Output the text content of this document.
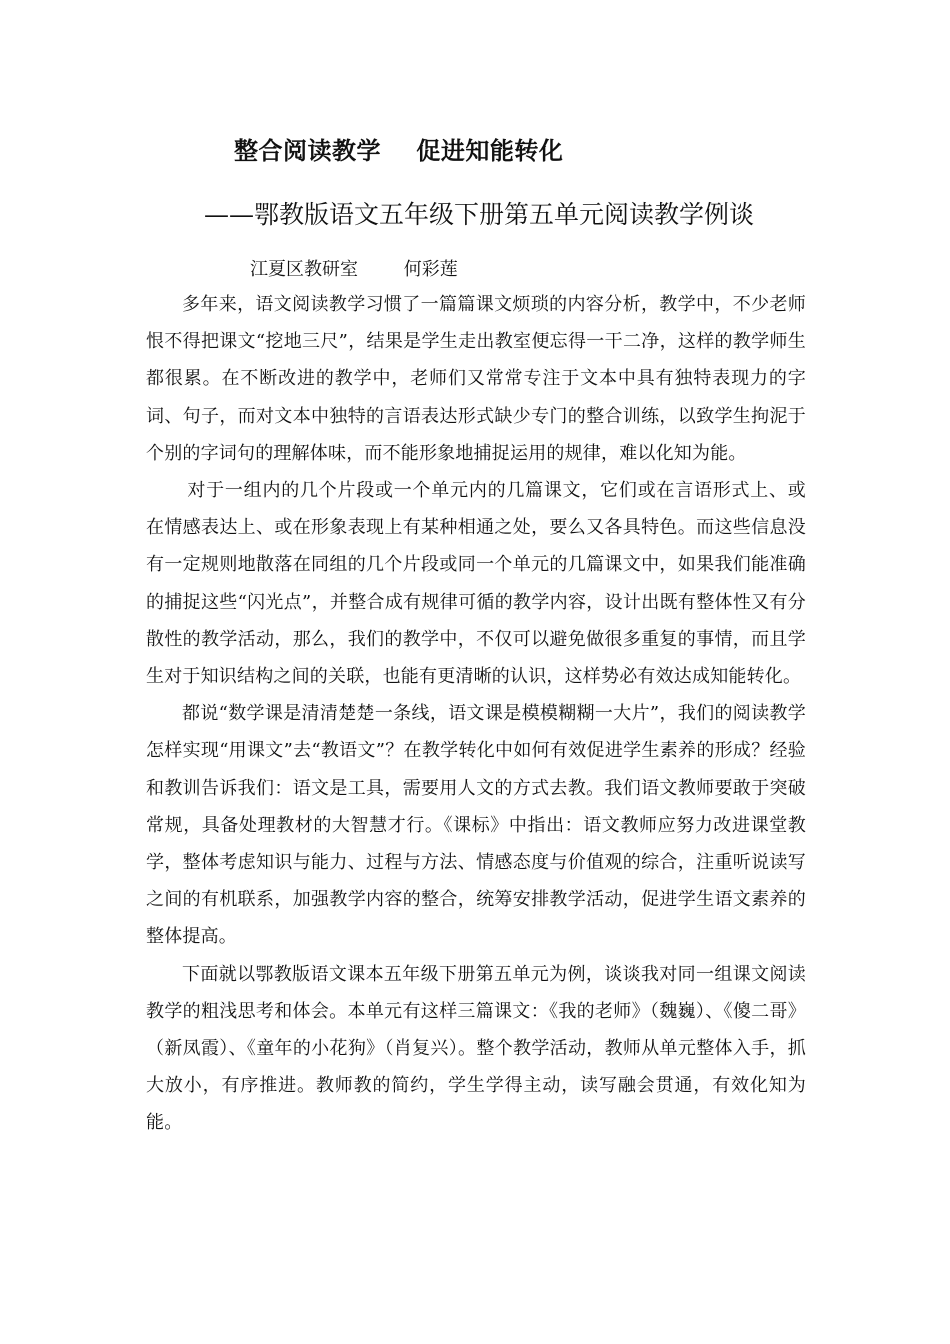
整合阅读教学    促进知能转化
——鄂教版语文五年级下册第五单元阅读教学例谈
江夏区教研室        何彩莲

多年来，语文阅读教学习惯了一篇篇课文烦琐的内容分析，教学中，不少老师恨不得把课文“挖地三尺”，结果是学生走出教室便忘得一干二净，这样的教学师生都很累。在不断改进的教学中，老师们又常常专注于文本中具有独特表现力的字词、句子，而对文本中独特的言语表达形式缺少专门的整合训练，以致学生拘泥于个别的字词句的理解体味，而不能形象地捕捉运用的规律，难以化知为能。

对于一组内的几个片段或一个单元内的几篇课文，它们或在言语形式上、或在情感表达上、或在形象表现上有某种相通之处，要么又各具特色。而这些信息没有一定规则地散落在同组的几个片段或同一个单元的几篇课文中，如果我们能准确的捕捉这些“闪光点”，并整合成有规律可循的教学内容，设计出既有整体性又有分散性的教学活动，那么，我们的教学中，不仅可以避免做很多重复的事情，而且学生对于知识结构之间的关联，也能有更清晰的认识，这样势必有效达成知能转化。

都说“数学课是清清楚楚一条线，语文课是模模糊糊一大片”，我们的阅读教学怎样实现“用课文”去“教语文”？在教学转化中如何有效促进学生素养的形成？经验和教训告诉我们：语文是工具，需要用人文的方式去教。我们语文教师要敢于突破常规，具备处理教材的大智慧才行。《课标》中指出：语文教师应努力改进课堂教学，整体考虑知识与能力、过程与方法、情感态度与价值观的综合，注重听说读写之间的有机联系，加强教学内容的整合，统筹安排教学活动，促进学生语文素养的整体提高。

下面就以鄂教版语文课本五年级下册第五单元为例，谈谈我对同一组课文阅读教学的粗浅思考和体会。本单元有这样三篇课文：《我的老师》（魏巍）、《傻二哥》（新凤霞）、《童年的小花狗》（肖复兴）。整个教学活动，教师从单元整体入手，抓大放小，有序推进。教师教的简约，学生学得主动，读写融会贯通，有效化知为能。
